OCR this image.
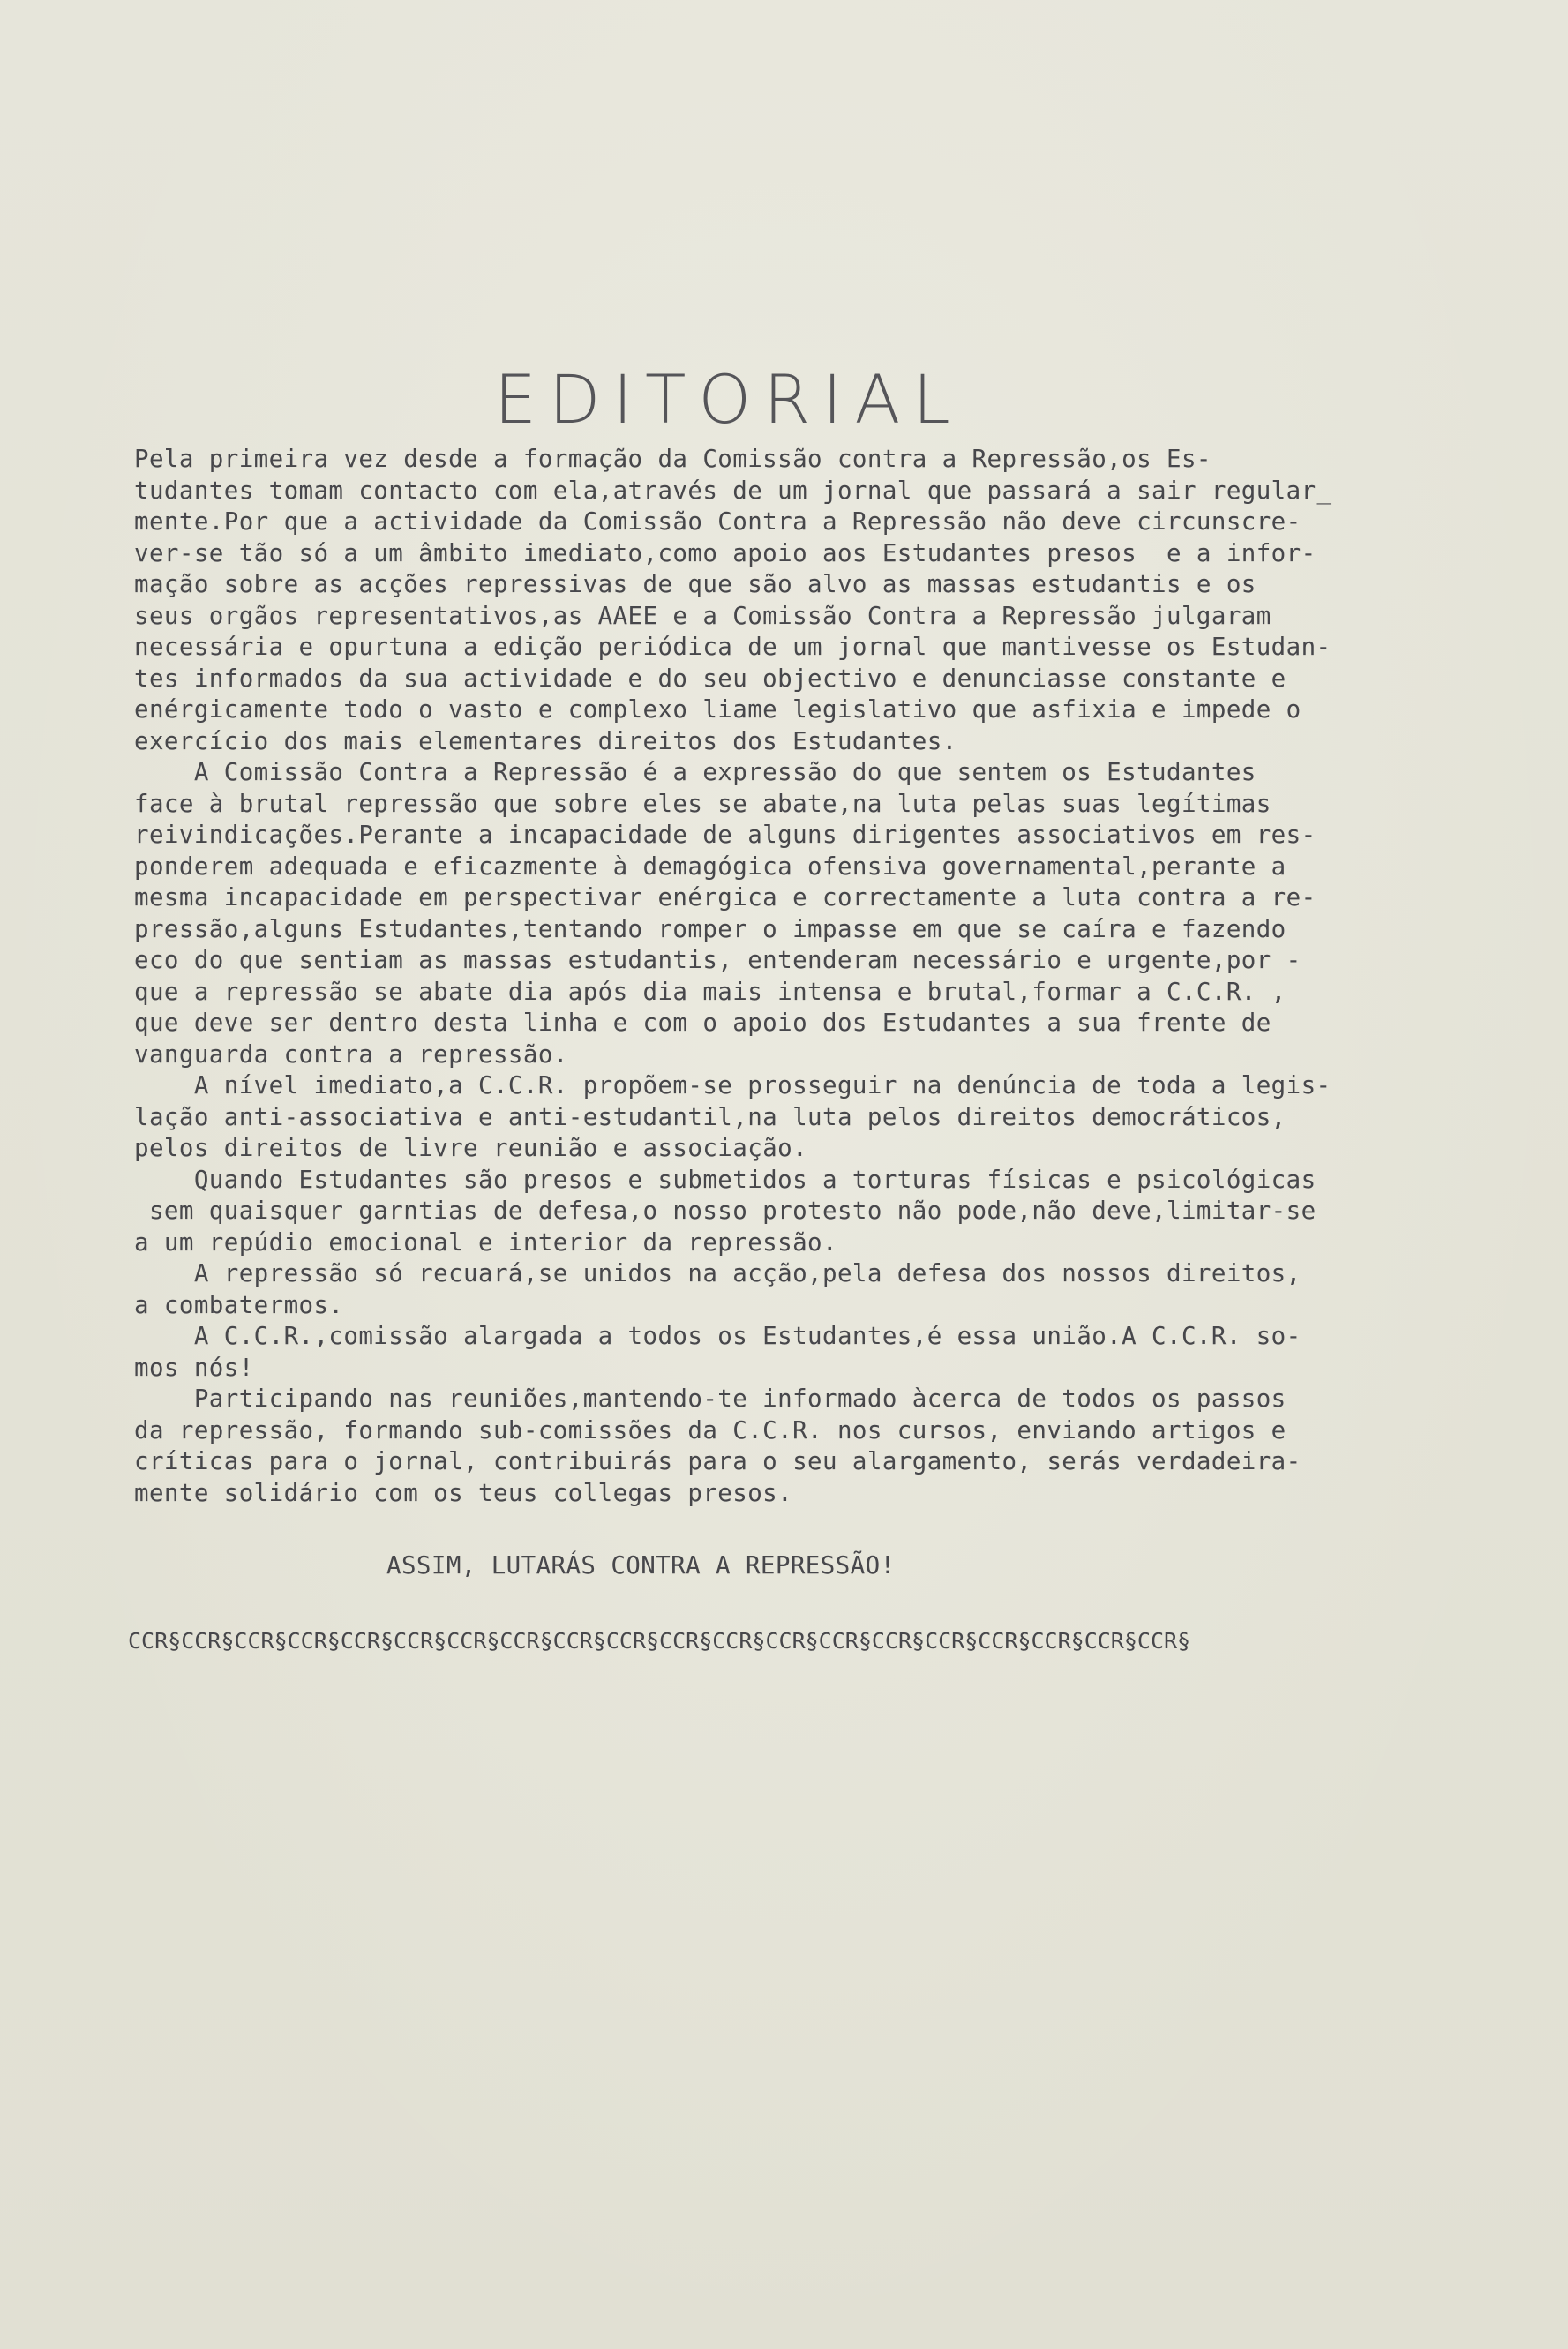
EDITORIAL
Pela primeira vez desde a formação da Comissão contra a Repressão,os Es-
tudantes tomam contacto com ela,através de um jornal que passará a sair regular_
mente.Por que a actividade da Comissão Contra a Repressão não deve circunscre-
ver-se tão só a um âmbito imediato,como apoio aos Estudantes presos  e a infor-
mação sobre as acções repressivas de que são alvo as massas estudantis e os
seus orgãos representativos,as AAEE e a Comissão Contra a Repressão julgaram
necessária e opurtuna a edição periódica de um jornal que mantivesse os Estudan-
tes informados da sua actividade e do seu objectivo e denunciasse constante e
enérgicamente todo o vasto e complexo liame legislativo que asfixia e impede o
exercício dos mais elementares direitos dos Estudantes.
A Comissão Contra a Repressão é a expressão do que sentem os Estudantes
face à brutal repressão que sobre eles se abate,na luta pelas suas legítimas
reivindicações.Perante a incapacidade de alguns dirigentes associativos em res-
ponderem adequada e eficazmente à demagógica ofensiva governamental,perante a
mesma incapacidade em perspectivar enérgica e correctamente a luta contra a re-
pressão,alguns Estudantes,tentando romper o impasse em que se caíra e fazendo
eco do que sentiam as massas estudantis, entenderam necessário e urgente,por -
que a repressão se abate dia após dia mais intensa e brutal,formar a C.C.R. ,
que deve ser dentro desta linha e com o apoio dos Estudantes a sua frente de
vanguarda contra a repressão.
A nível imediato,a C.C.R. propõem-se prosseguir na denúncia de toda a legis-
lação anti-associativa e anti-estudantil,na luta pelos direitos democráticos,
pelos direitos de livre reunião e associação.
Quando Estudantes são presos e submetidos a torturas físicas e psicológicas
sem quaisquer garntias de defesa,o nosso protesto não pode,não deve,limitar-se
a um repúdio emocional e interior da repressão.
A repressão só recuará,se unidos na acção,pela defesa dos nossos direitos,
a combatermos.
A C.C.R.,comissão alargada a todos os Estudantes,é essa união.A C.C.R. so-
mos nós!
Participando nas reuniões,mantendo-te informado àcerca de todos os passos
da repressão, formando sub-comissões da C.C.R. nos cursos, enviando artigos e
críticas para o jornal, contribuirás para o seu alargamento, serás verdadeira-
mente solidário com os teus collegas presos.
ASSIM, LUTARÁS CONTRA A REPRESSÃO!
CCR§CCR§CCR§CCR§CCR§CCR§CCR§CCR§CCR§CCR§CCR§CCR§CCR§CCR§CCR§CCR§CCR§CCR§CCR§CCR§
